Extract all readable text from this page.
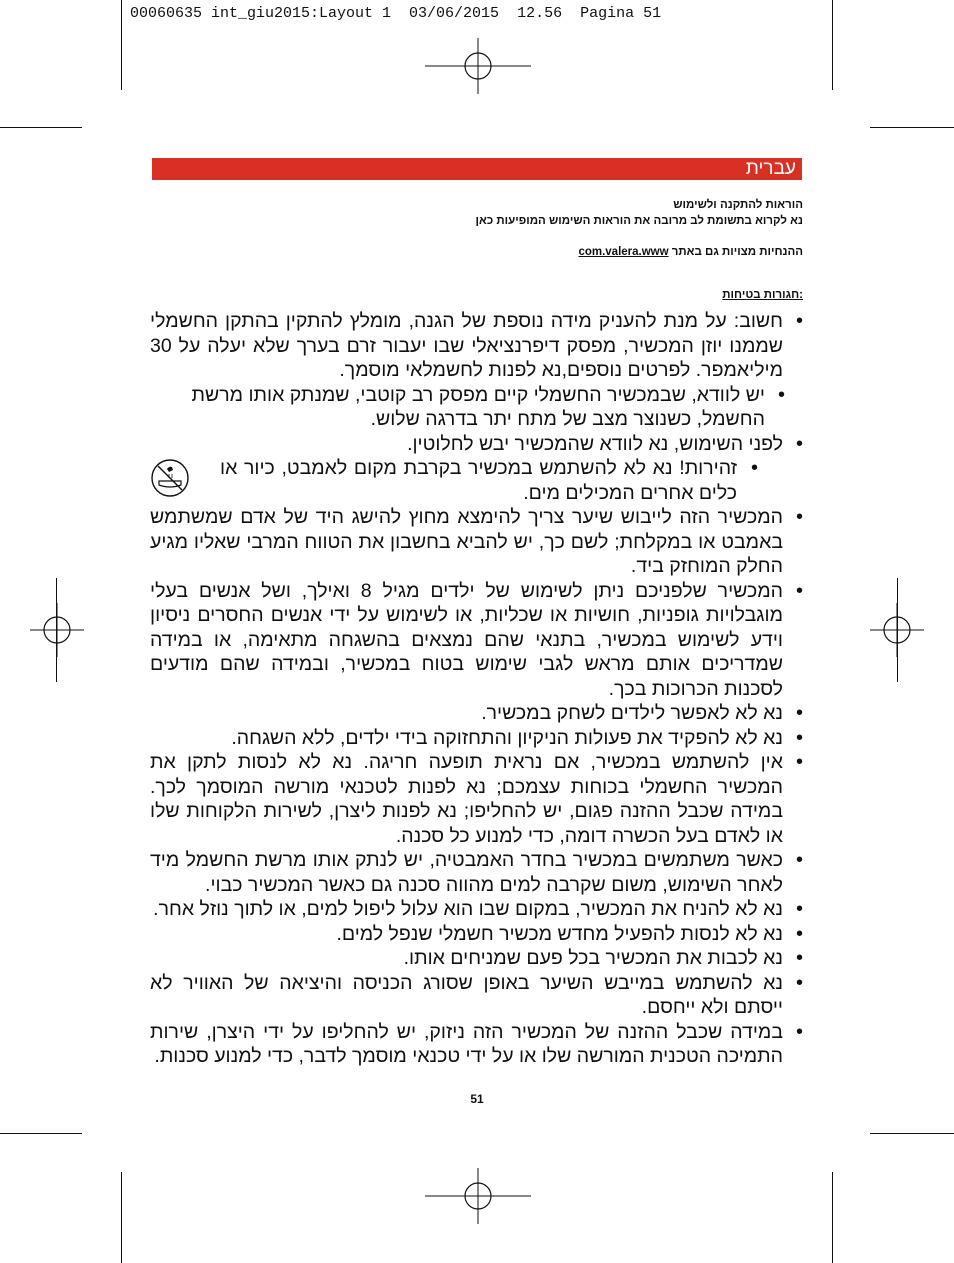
00060635 int_giu2015:Layout 1  03/06/2015  12.56  Pagina 51
עברית

הוראות להתקנה ולשימוש

נא לקרוא בתשומת לב מרובה את הוראות השימוש המופיעות כאן

ההנחיות מצויות גם באתר com.valera.www

:חגורות בטיחות
• חשוב: על מנת להעניק מידה נוספת של הגנה, מומלץ להתקין בהתקן החשמלי שממנו יוזן המכשיר, מפסק דיפרנציאלי שבו יעבור זרם בערך שלא יעלה על 30 מיליאמפר. לפרטים נוספים,נא לפנות לחשמלאי מוסמך.
• יש לוודא, שבמכשיר החשמלי קיים מפסק רב קוטבי, שמנתק אותו מרשת החשמל, כשנוצר מצב של מתח יתר בדרגה שלוש.
• לפני השימוש, נא לוודא שהמכשיר יבש לחלוטין.
• זהירות! נא לא להשתמש במכשיר בקרבת מקום לאמבט, כיור או כלים אחרים המכילים מים.
• המכשיר הזה לייבוש שיער צריך להימצא מחוץ להישג היד של אדם שמשתמש באמבט או במקלחת; לשם כך, יש להביא בחשבון את הטווח המרבי שאליו מגיע החלק המוחזק ביד.
• המכשיר שלפניכם ניתן לשימוש של ילדים מגיל 8 ואילך, ושל אנשים בעלי מוגבלויות גופניות, חושיות או שכליות, או לשימוש על ידי אנשים החסרים ניסיון וידע לשימוש במכשיר, בתנאי שהם נמצאים בהשגחה מתאימה, או במידה שמדריכים אותם מראש לגבי שימוש בטוח במכשיר, ובמידה שהם מודעים לסכנות הכרוכות בכך.
• נא לא לאפשר לילדים לשחק במכשיר.
• נא לא להפקיד את פעולות הניקיון והתחזוקה בידי ילדים, ללא השגחה.
• אין להשתמש במכשיר, אם נראית תופעה חריגה. נא לא לנסות לתקן את המכשיר החשמלי בכוחות עצמכם; נא לפנות לטכנאי מורשה המוסמך לכך. במידה שכבל ההזנה פגום, יש להחליפו; נא לפנות ליצרן, לשירות הלקוחות שלו או לאדם בעל הכשרה דומה, כדי למנוע כל סכנה.
• כאשר משתמשים במכשיר בחדר האמבטיה, יש לנתק אותו מרשת החשמל מיד לאחר השימוש, משום שקרבה למים מהווה סכנה גם כאשר המכשיר כבוי.
• נא לא להניח את המכשיר, במקום שבו הוא עלול ליפול למים, או לתוך נוזל אחר.
• נא לא לנסות להפעיל מחדש מכשיר חשמלי שנפל למים.
• נא לכבות את המכשיר בכל פעם שמניחים אותו.
• נא להשתמש במייבש השיער באופן שסורג הכניסה והיציאה של האוויר לא ייסתם ולא ייחסם.
• במידה שכבל ההזנה של המכשיר הזה ניזוק, יש להחליפו על ידי היצרן, שירות התמיכה הטכנית המורשה שלו או על ידי טכנאי מוסמך לדבר, כדי למנוע סכנות.
51
